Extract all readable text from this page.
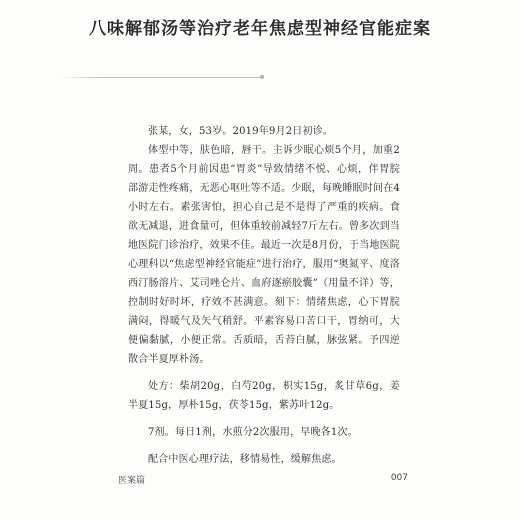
八味解郁汤等治疗老年焦虑型神经官能症案

张某，女，53岁。2019年9月2日初诊。

体型中等，肤色暗，唇干。主诉少眠心烦5个月，加重2周。患者5个月前因患“胃炎”导致情绪不悦、心烦，伴胃脘部游走性疼痛，无恶心呕吐等不适。少眠，每晚睡眠时间在4小时左右。素张害怕，担心自己是不是得了严重的疾病。食欲无减退，进食量可，但体重较前减轻7斤左右。曾多次到当地医院门诊治疗，效果不佳。最近一次是8月份，于当地医院心理科以“焦虑型神经官能症”进行治疗，服用“奥氮平、度洛西汀肠溶片、艾司唑仑片、血府逐瘀胶囊”（用量不详）等，控制时好时坏，疗效不甚满意。刻下：情绪焦虑，心下胃脘满闷，得暖气及矢气稍舒。平素容易口苦口干，胃纳可，大便偏黏腻，小便正常。舌质暗，舌苔白腻，脉弦紧。予四逆散合半夏厚朴汤。

处方：柴胡20g，白芍20g，枳实15g，炙甘草6g，姜半夏15g，厚朴15g，茯苓15g，紫苏叶12g。

7剂。每日1剂，水煎分2次服用，早晚各1次。

配合中医心理疗法，移情易性，缓解焦虑。

医案篇	007
